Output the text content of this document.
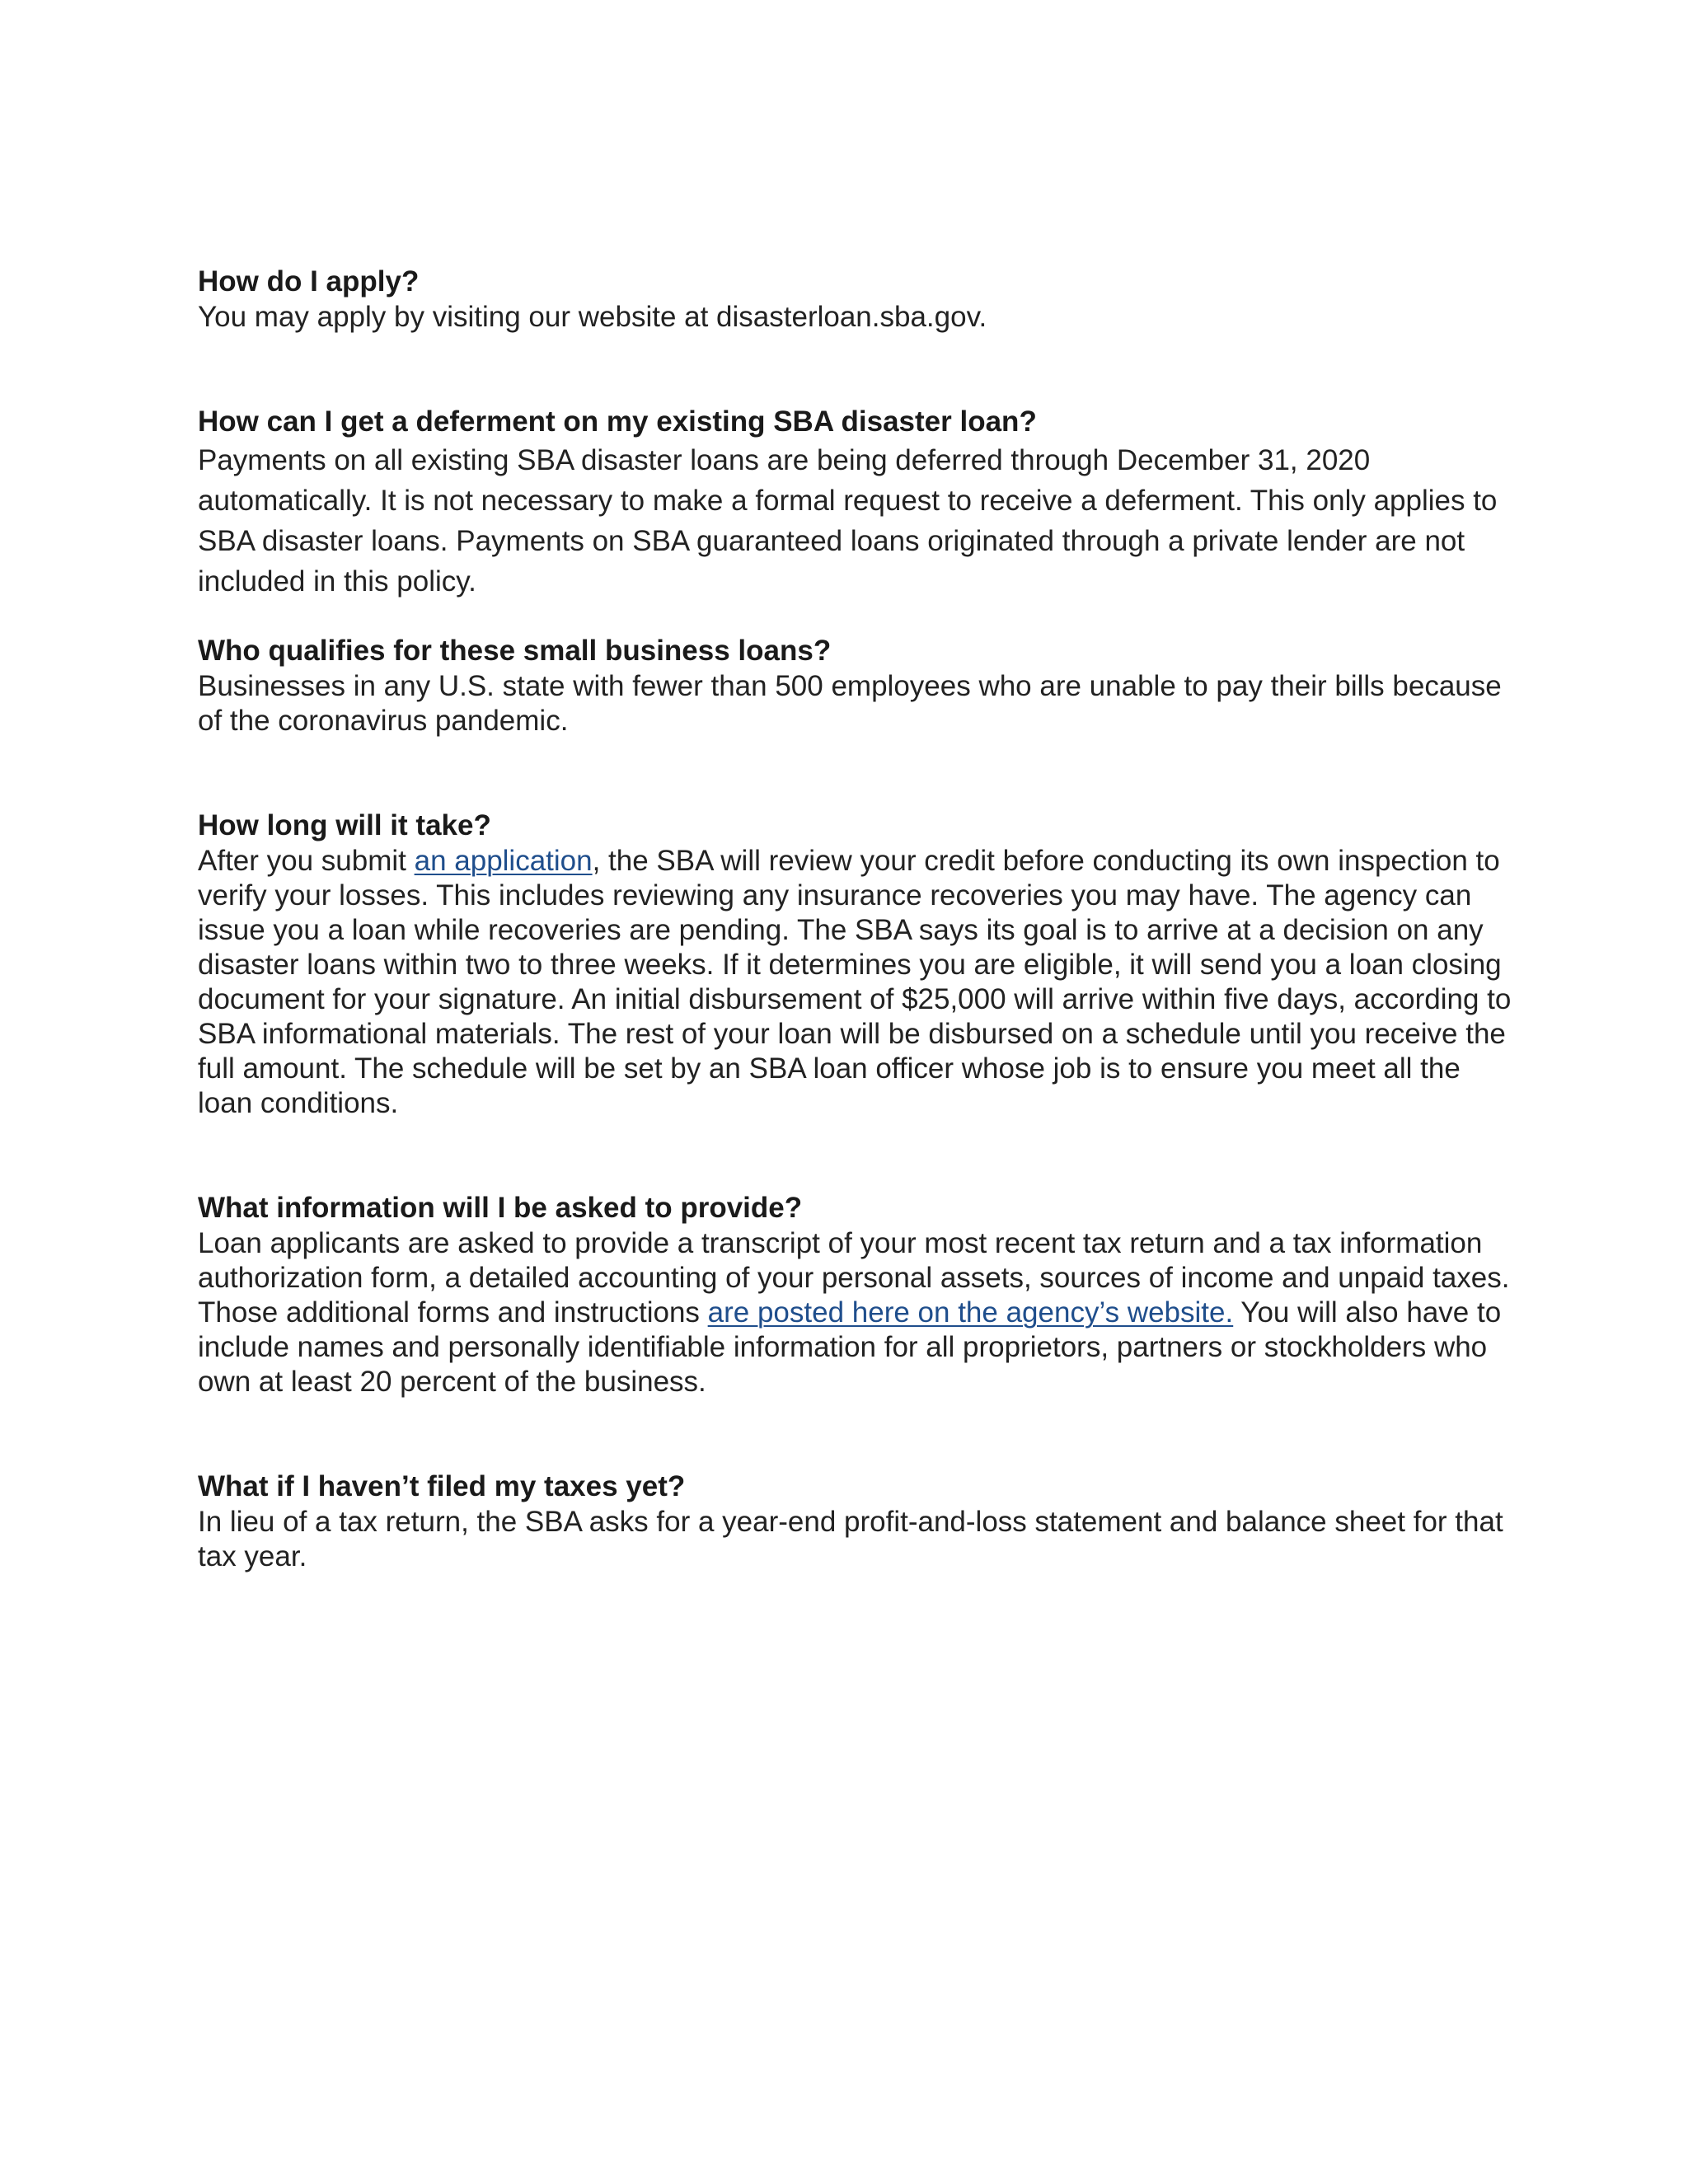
How do I apply?

You may apply by visiting our website at disasterloan.sba.gov.

How can I get a deferment on my existing SBA disaster loan?

Payments on all existing SBA disaster loans are being deferred through December 31, 2020 automatically. It is not necessary to make a formal request to receive a deferment. This only applies to SBA disaster loans. Payments on SBA guaranteed loans originated through a private lender are not included in this policy.

Who qualifies for these small business loans?

Businesses in any U.S. state with fewer than 500 employees who are unable to pay their bills because of the coronavirus pandemic.

How long will it take?

After you submit an application, the SBA will review your credit before conducting its own inspection to verify your losses. This includes reviewing any insurance recoveries you may have. The agency can issue you a loan while recoveries are pending. The SBA says its goal is to arrive at a decision on any disaster loans within two to three weeks. If it determines you are eligible, it will send you a loan closing document for your signature. An initial disbursement of $25,000 will arrive within five days, according to SBA informational materials. The rest of your loan will be disbursed on a schedule until you receive the full amount. The schedule will be set by an SBA loan officer whose job is to ensure you meet all the loan conditions.

What information will I be asked to provide?

Loan applicants are asked to provide a transcript of your most recent tax return and a tax information authorization form, a detailed accounting of your personal assets, sources of income and unpaid taxes. Those additional forms and instructions are posted here on the agency’s website. You will also have to include names and personally identifiable information for all proprietors, partners or stockholders who own at least 20 percent of the business.

What if I haven’t filed my taxes yet?

In lieu of a tax return, the SBA asks for a year-end profit-and-loss statement and balance sheet for that tax year.
